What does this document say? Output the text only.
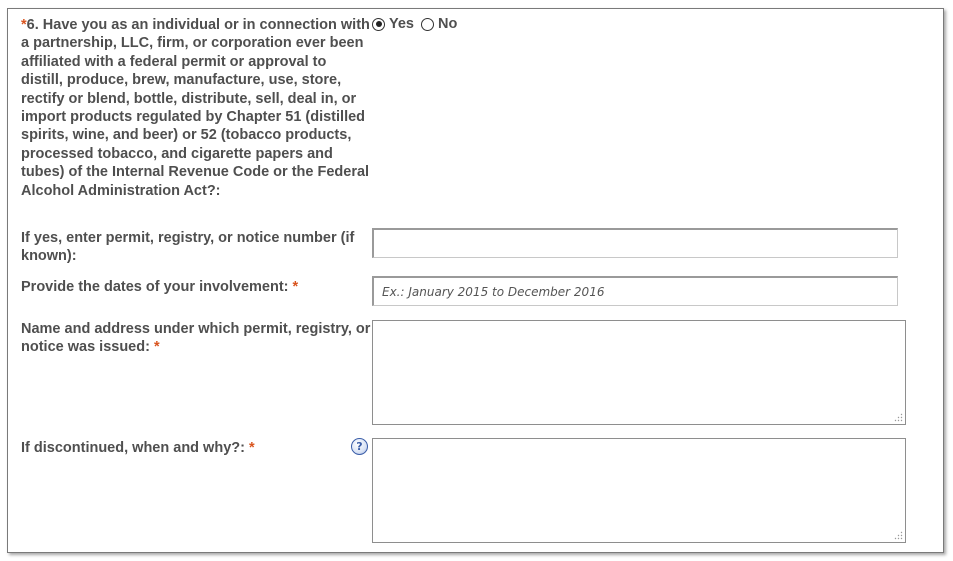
*6. Have you as an individual or in connection with a partnership, LLC, firm, or corporation ever been affiliated with a federal permit or approval to distill, produce, brew, manufacture, use, store, rectify or blend, bottle, distribute, sell, deal in, or import products regulated by Chapter 51 (distilled spirits, wine, and beer) or 52 (tobacco products, processed tobacco, and cigarette papers and tubes) of the Internal Revenue Code or the Federal Alcohol Administration Act?:
Yes No
If yes, enter permit, registry, or notice number (if known):
Provide the dates of your involvement: *
Ex.: January 2015 to December 2016
Name and address under which permit, registry, or notice was issued: *
If discontinued, when and why?: *	?
